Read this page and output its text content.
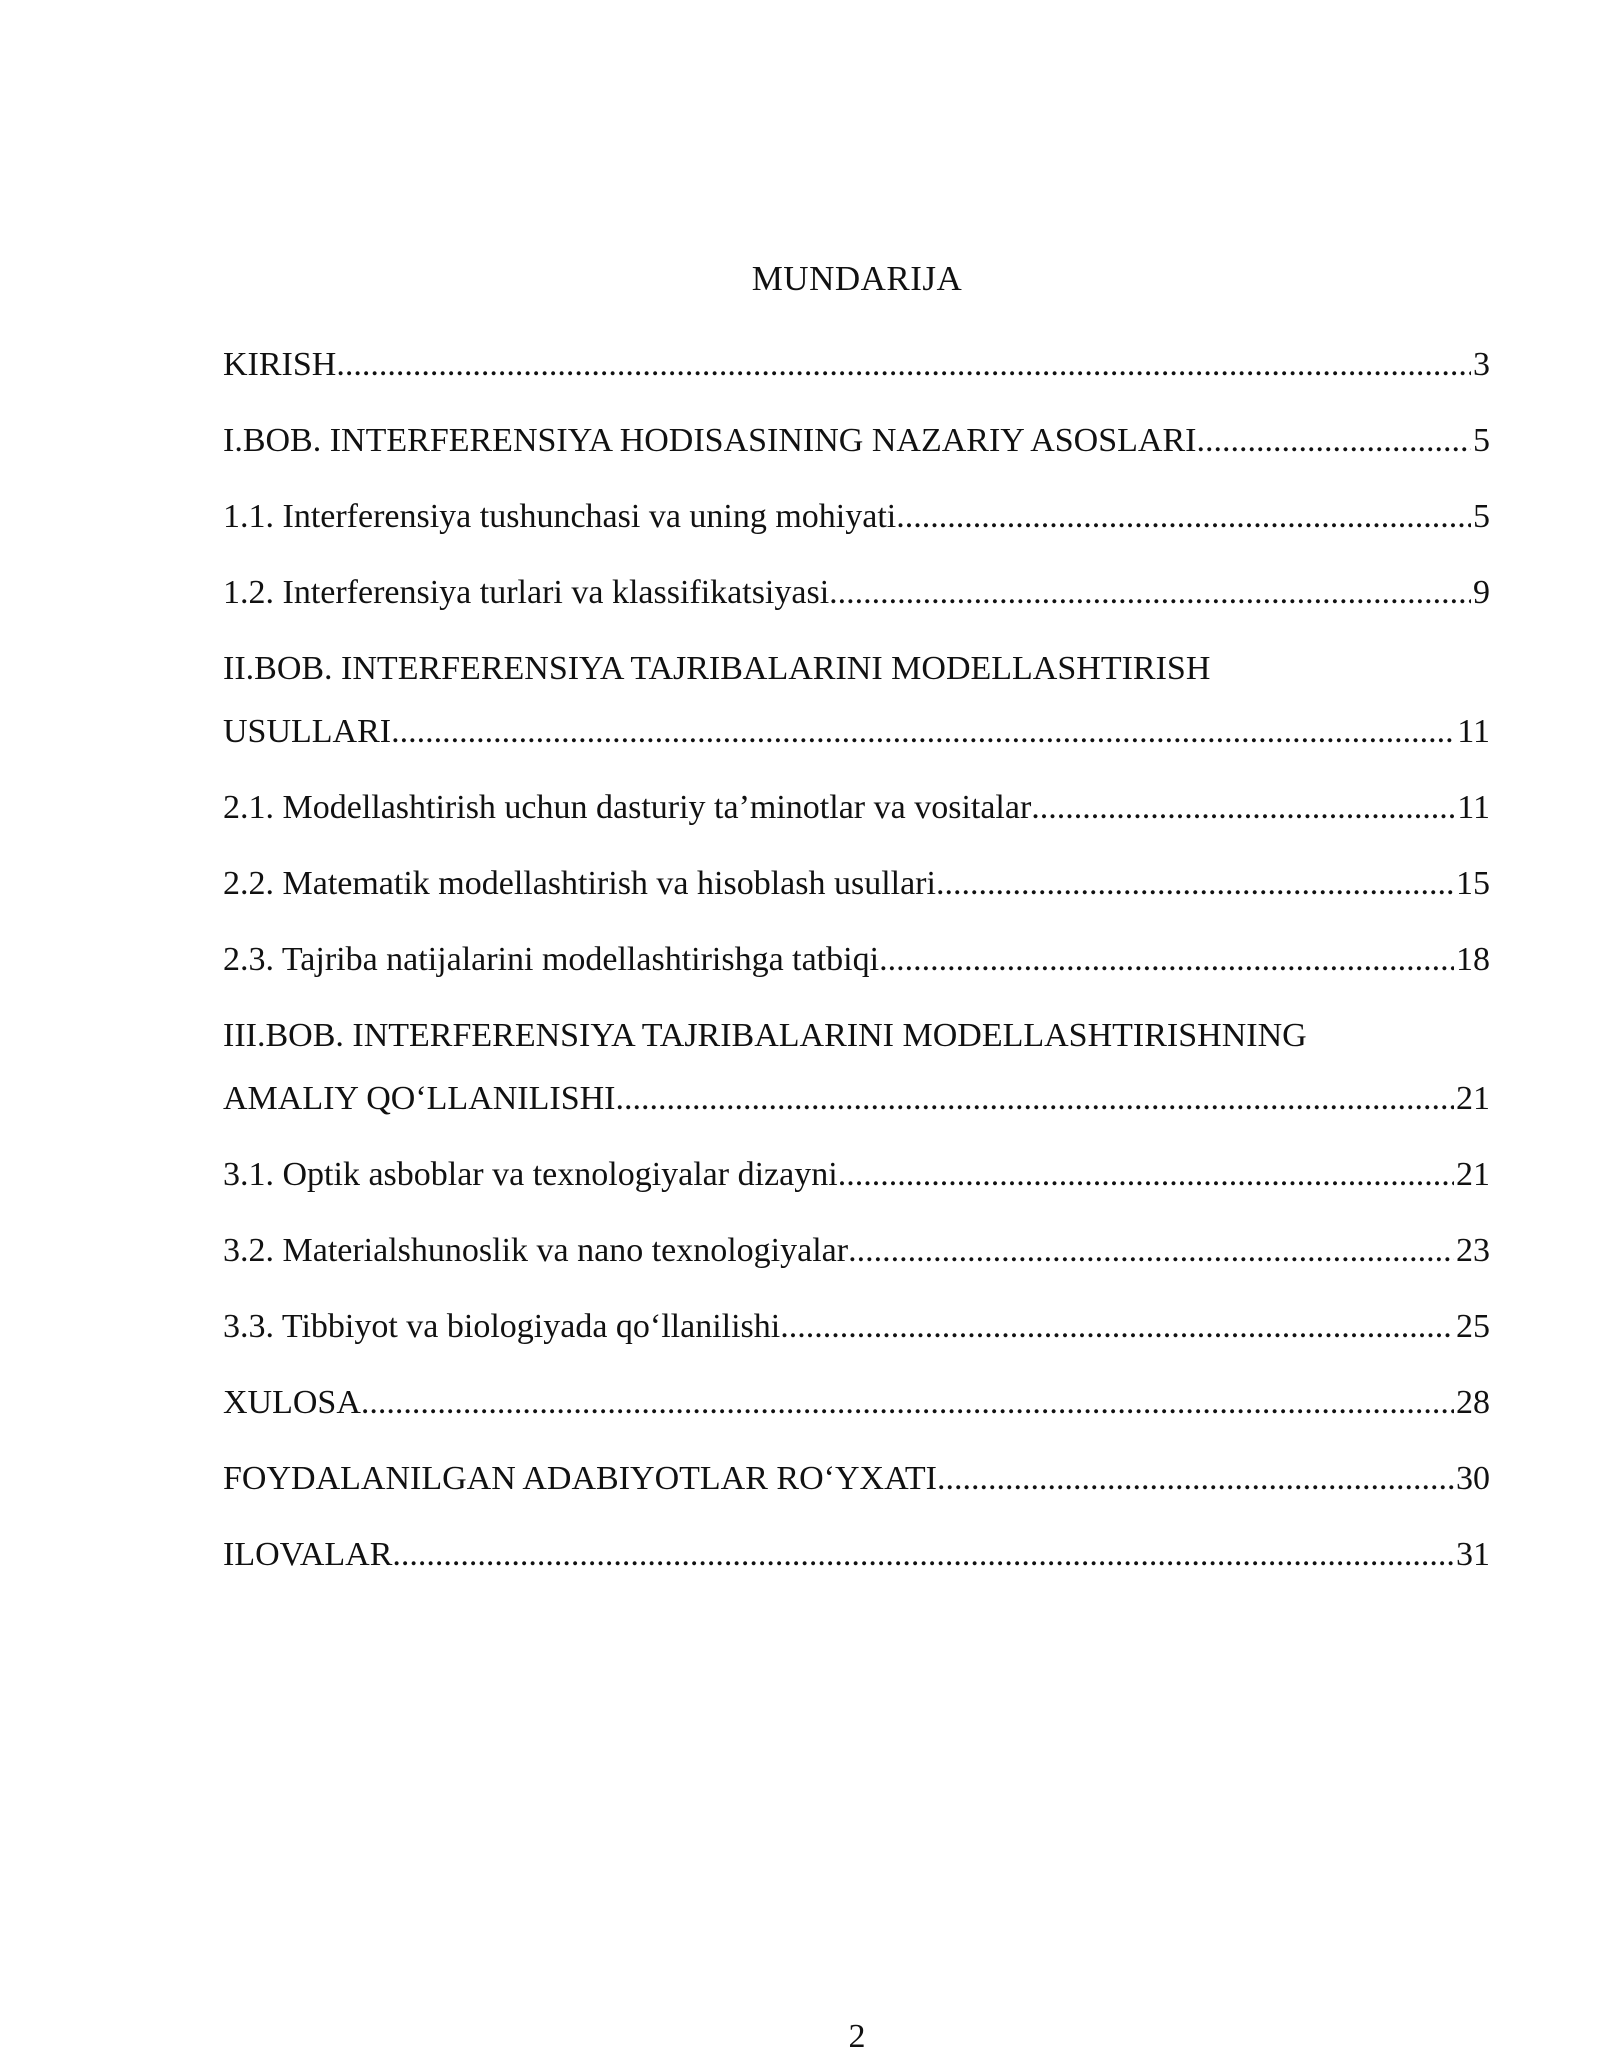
MUNDARIJA
KIRISH .....	3
I.BOB. INTERFERENSIYA HODISASINING NAZARIY ASOSLARI .....	5
1.1. Interferensiya tushunchasi va uning mohiyati .....	5
1.2. Interferensiya turlari va klassifikatsiyasi .....	9
II.BOB. INTERFERENSIYA TAJRIBALARINI MODELLASHTIRISH
USULLARI .....	11
2.1. Modellashtirish uchun dasturiy ta’minotlar va vositalar .....	11
2.2. Matematik modellashtirish va hisoblash usullari .....	15
2.3. Tajriba natijalarini modellashtirishga tatbiqi .....	18
III.BOB. INTERFERENSIYA TAJRIBALARINI MODELLASHTIRISHNING
AMALIY QO‘LLANILISHI .....	21
3.1. Optik asboblar va texnologiyalar dizayni .....	21
3.2. Materialshunoslik va nano texnologiyalar .....	23
3.3. Tibbiyot va biologiyada qo‘llanilishi .....	25
XULOSA .....	28
FOYDALANILGAN ADABIYOTLAR RO‘YXATI .....	30
ILOVALAR .....	31
2
